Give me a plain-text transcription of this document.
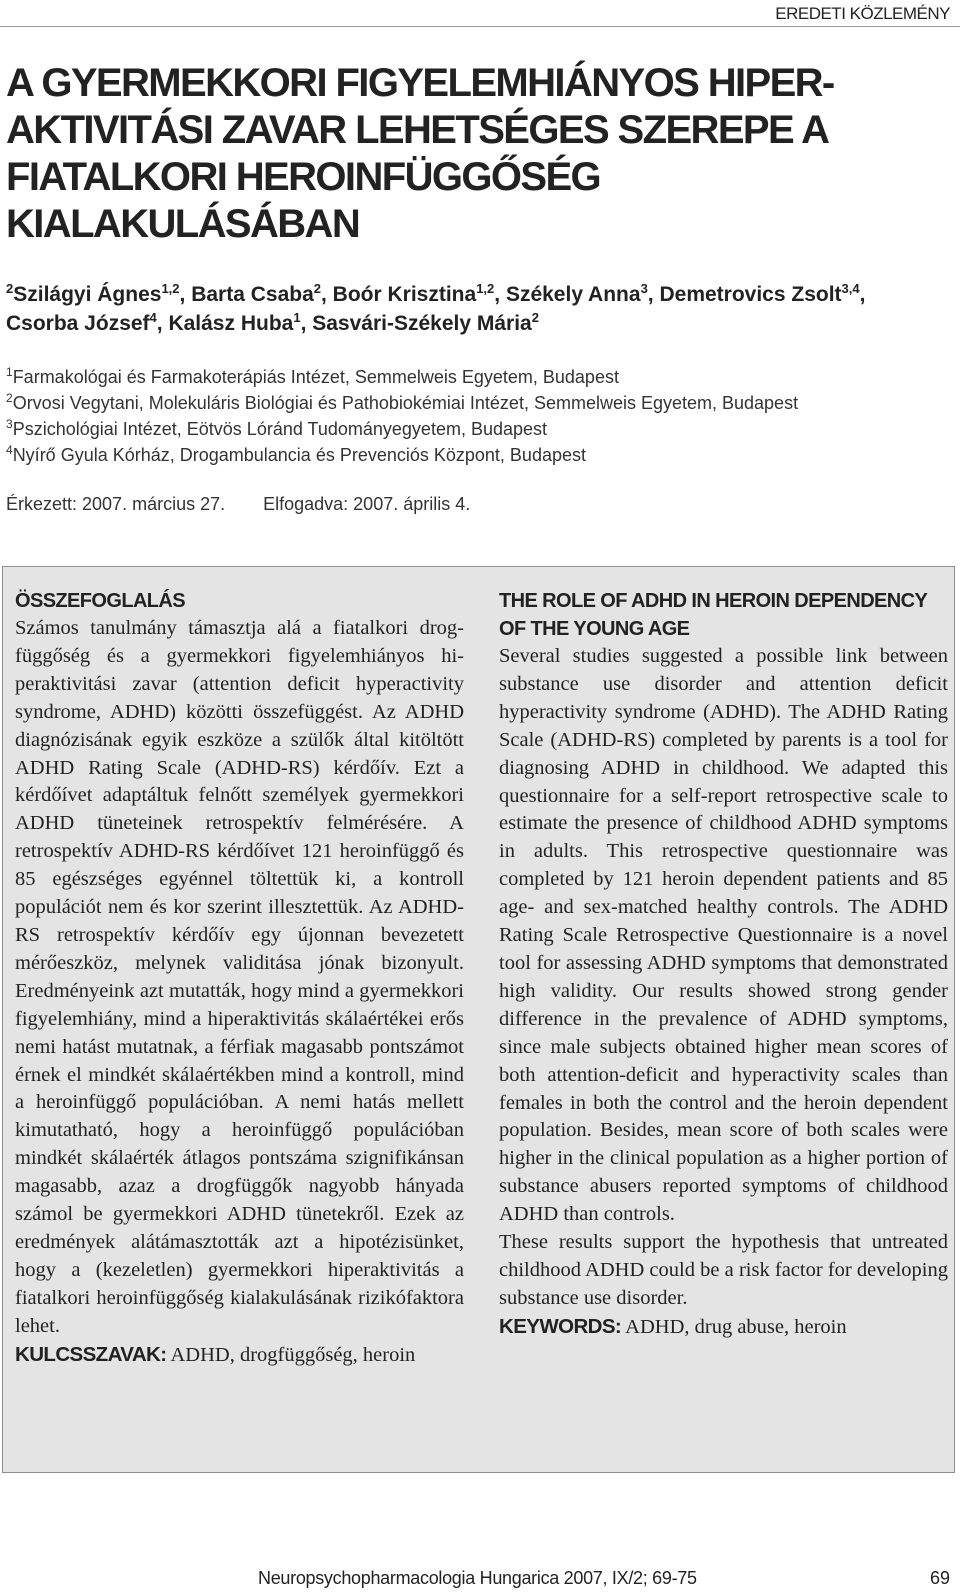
EREDETI KÖZLEMÉNY
A GYERMEKKORI FIGYELEMHIÁNYOS HIPER-AKTIVITÁSI ZAVAR LEHETSÉGES SZEREPE A FIATALKORI HEROINFÜGGŐSÉG KIALAKULÁSÁBAN
$^2$Szilágyi Ágnes$^{1,2}$, Barta Csaba$^2$, Boór Krisztina$^{1,2}$, Székely Anna$^3$, Demetrovics Zsolt$^{3,4}$, Csorba József$^4$, Kalász Huba$^1$, Sasvári-Székely Mária$^2$
$^1$Farmakológai és Farmakoterápiás Intézet, Semmelweis Egyetem, Budapest
$^2$Orvosi Vegytani, Molekuláris Biológiai és Pathobiokémiai Intézet, Semmelweis Egyetem, Budapest
$^3$Pszichológiai Intézet, Eötvös Lóránd Tudományegyetem, Budapest
$^4$Nyírő Gyula Kórház, Drogambulancia és Prevenciós Központ, Budapest
Érkezett: 2007. március 27. Elfogadva: 2007. április 4.
ÖSSZEFOGLALÁS

Számos tanulmány támasztja alá a fiatalkori drogfüggőség és a gyermekkori figyelemhiányos hiperaktivitási zavar (attention deficit hyperactivity syndrome, ADHD) közötti összefüggést. Az ADHD diagnózisának egyik eszköze a szülők által kitöltött ADHD Rating Scale (ADHD-RS) kérdőív. Ezt a kérdőívet adaptáltuk felnőtt személyek gyermekkori ADHD tüneteinek retrospektív felmérésére. A retrospektív ADHD-RS kérdőívet 121 heroinfüggő és 85 egészséges egyénnel töltettük ki, a kontroll populációt nem és kor szerint illesztettük. Az ADHD-RS retrospektív kérdőív egy újonnan bevezetett mérőeszköz, melynek validitása jónak bizonyult. Eredményeink azt mutatták, hogy mind a gyermekkori figyelemhiány, mind a hiperaktivitás skálaértékei erős nemi hatást mutatnak, a férfiak magasabb pontszámot érnek el mindkét skálaértékben mind a kontroll, mind a heroinfüggő populációban. A nemi hatás mellett kimutatható, hogy a heroinfüggő populációban mindkét skálaérték átlagos pontszáma szignifikánsan magasabb, azaz a drogfüggők nagyobb hányada számol be gyermekkori ADHD tünetekről. Ezek az eredmények alátámasztották azt a hipotézisünket, hogy a (kezeletlen) gyermekkori hiperaktivitás a fiatalkori heroinfüggőség kialakulásának rizikófaktora lehet.

KULCSSZAVAK: ADHD, drogfüggőség, heroin

THE ROLE OF ADHD IN HEROIN DEPENDENCY OF THE YOUNG AGE

Several studies suggested a possible link between substance use disorder and attention deficit hyperactivity syndrome (ADHD). The ADHD Rating Scale (ADHD-RS) completed by parents is a tool for diagnosing ADHD in childhood. We adapted this questionnaire for a self-report retrospective scale to estimate the presence of childhood ADHD symptoms in adults. This retrospective questionnaire was completed by 121 heroin dependent patients and 85 age- and sex-matched healthy controls. The ADHD Rating Scale Retrospective Questionnaire is a novel tool for assessing ADHD symptoms that demonstrated high validity. Our results showed strong gender difference in the prevalence of ADHD symptoms, since male subjects obtained higher mean scores of both attention-deficit and hyperactivity scales than females in both the control and the heroin dependent population. Besides, mean score of both scales were higher in the clinical population as a higher portion of substance abusers reported symptoms of childhood ADHD than controls.

These results support the hypothesis that untreated childhood ADHD could be a risk factor for developing substance use disorder.

KEYWORDS: ADHD, drug abuse, heroin

Neuropsychopharmacologia Hungarica 2007, IX/2; 69-75	69
